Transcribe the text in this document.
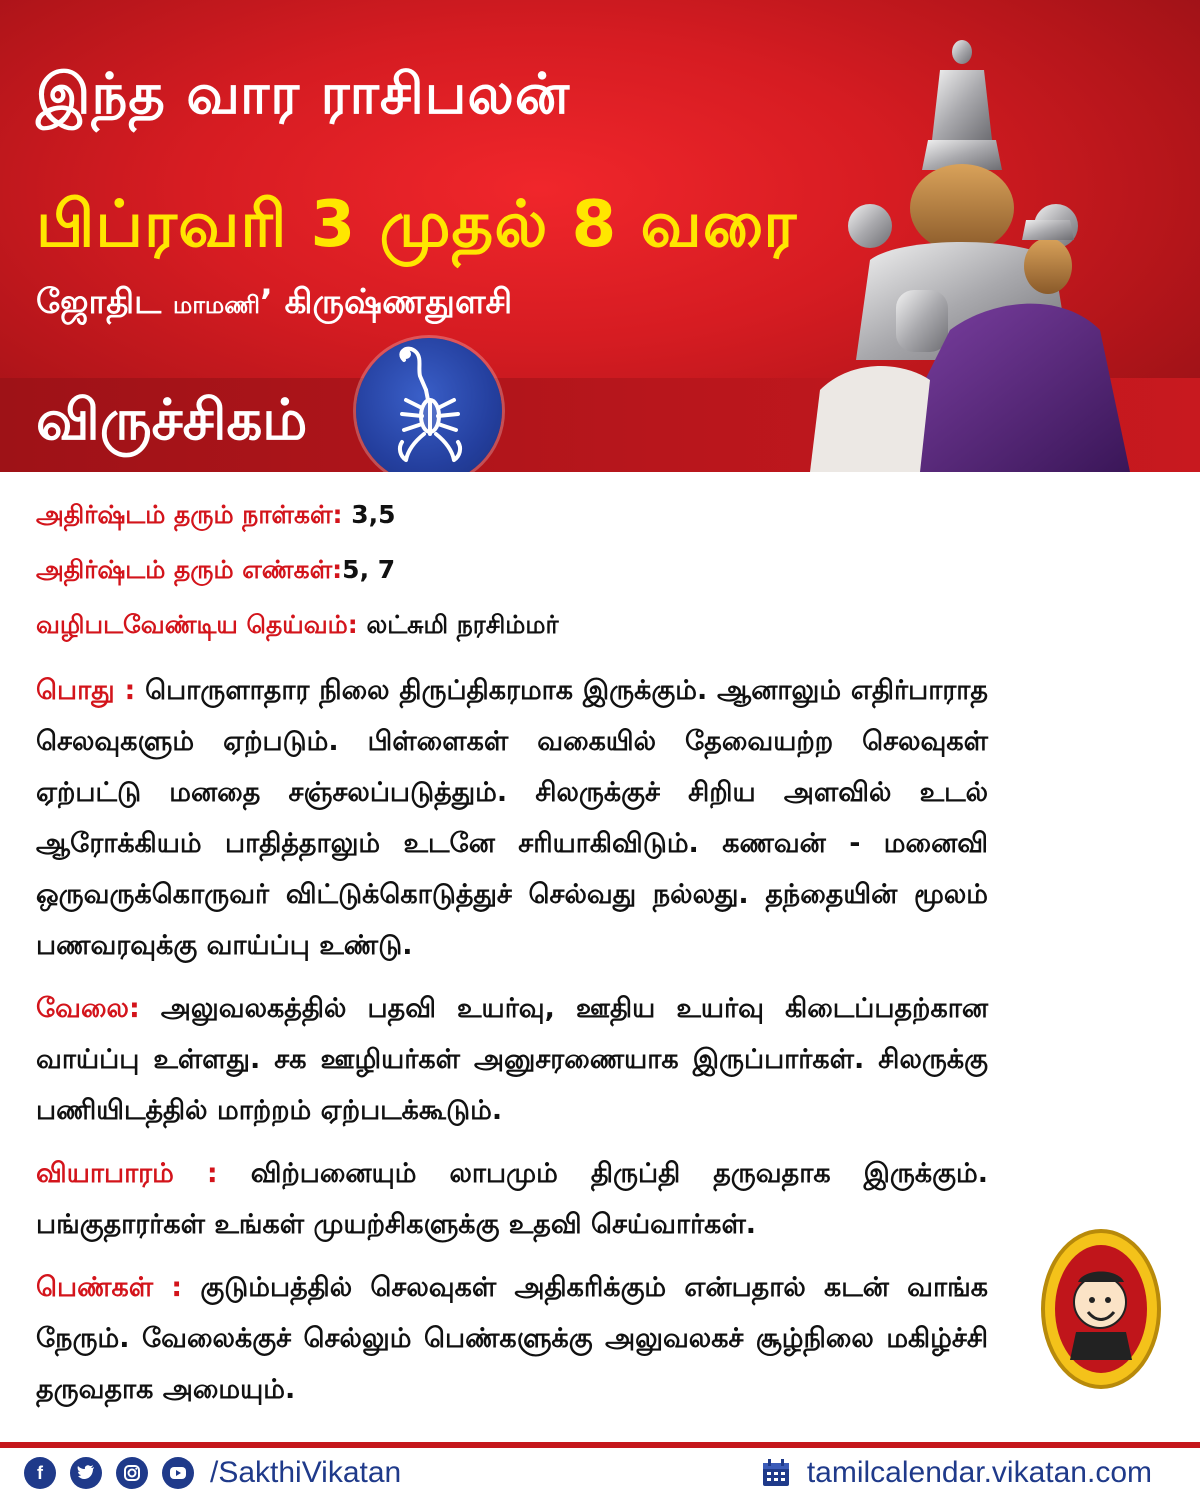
இந்த வார ராசிபலன்
பிப்ரவரி 3 முதல் 8 வரை
ஜோதிட மாமணி’ கிருஷ்ணதுளசி
விருச்சிகம்
அதிர்ஷ்டம் தரும் நாள்கள்: 3,5
அதிர்ஷ்டம் தரும் எண்கள்:5, 7
வழிபடவேண்டிய தெய்வம்: லட்சுமி நரசிம்மர்

பொது : பொருளாதார நிலை திருப்திகரமாக இருக்கும். ஆனாலும் எதிர்பாராத செலவுகளும் ஏற்படும். பிள்ளைகள் வகையில் தேவையற்ற செலவுகள் ஏற்பட்டு மனதை சஞ்சலப்படுத்தும். சிலருக்குச் சிறிய அளவில் உடல் ஆரோக்கியம் பாதித்தாலும் உடனே சரியாகிவிடும். கணவன் - மனைவி ஒருவருக்கொருவர் விட்டுக்கொடுத்துச் செல்வது நல்லது. தந்தையின் மூலம் பணவரவுக்கு வாய்ப்பு உண்டு.

வேலை: அலுவலகத்தில் பதவி உயர்வு, ஊதிய உயர்வு கிடைப்பதற்கான வாய்ப்பு உள்ளது. சக ஊழியர்கள் அனுசரணையாக இருப்பார்கள். சிலருக்கு பணியிடத்தில் மாற்றம் ஏற்படக்கூடும்.

வியாபாரம் : விற்பனையும் லாபமும் திருப்தி தருவதாக இருக்கும். பங்குதாரர்கள் உங்கள் முயற்சிகளுக்கு உதவி செய்வார்கள்.

பெண்கள் : குடும்பத்தில் செலவுகள் அதிகரிக்கும் என்பதால் கடன் வாங்க நேரும். வேலைக்குச் செல்லும் பெண்களுக்கு அலுவலகச் சூழ்நிலை மகிழ்ச்சி தருவதாக அமையும்.

f	/SakthiVikatan	tamilcalendar.vikatan.com
